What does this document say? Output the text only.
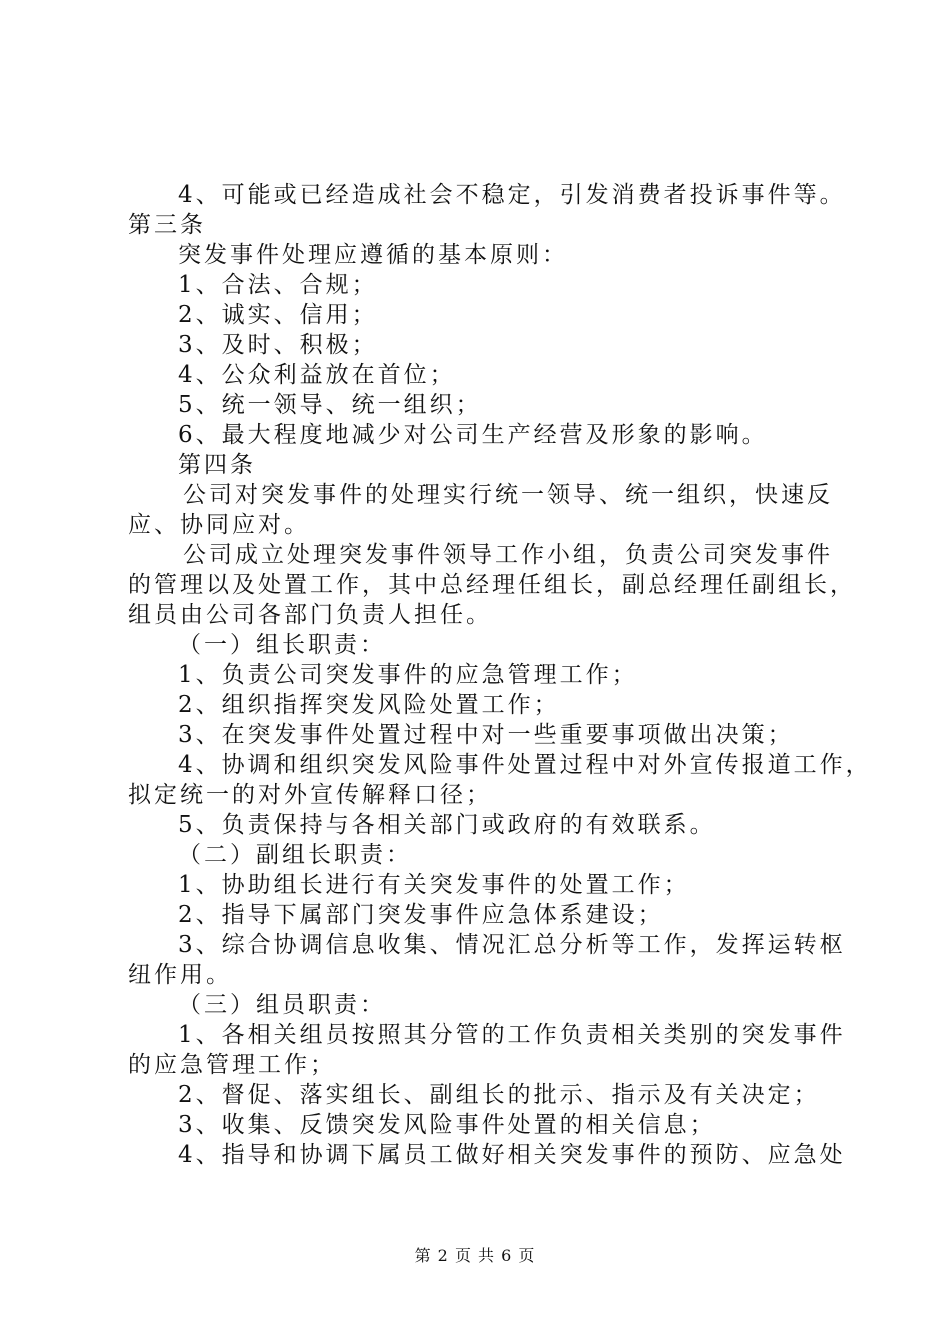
4、可能或已经造成社会不稳定，引发消费者投诉事件等。
第三条
突发事件处理应遵循的基本原则：
1、合法、合规；
2、诚实、信用；
3、及时、积极；
4、公众利益放在首位；
5、统一领导、统一组织；
6、最大程度地减少对公司生产经营及形象的影响。
第四条
公司对突发事件的处理实行统一领导、统一组织，快速反
应、协同应对。
公司成立处理突发事件领导工作小组，负责公司突发事件
的管理以及处置工作，其中总经理任组长，副总经理任副组长，
组员由公司各部门负责人担任。
（一）组长职责：
1、负责公司突发事件的应急管理工作；
2、组织指挥突发风险处置工作；
3、在突发事件处置过程中对一些重要事项做出决策；
4、协调和组织突发风险事件处置过程中对外宣传报道工作，
拟定统一的对外宣传解释口径；
5、负责保持与各相关部门或政府的有效联系。
（二）副组长职责：
1、协助组长进行有关突发事件的处置工作；
2、指导下属部门突发事件应急体系建设；
3、综合协调信息收集、情况汇总分析等工作，发挥运转枢
纽作用。
（三）组员职责：
1、各相关组员按照其分管的工作负责相关类别的突发事件
的应急管理工作；
2、督促、落实组长、副组长的批示、指示及有关决定；
3、收集、反馈突发风险事件处置的相关信息；
4、指导和协调下属员工做好相关突发事件的预防、应急处
第 2 页 共 6 页
